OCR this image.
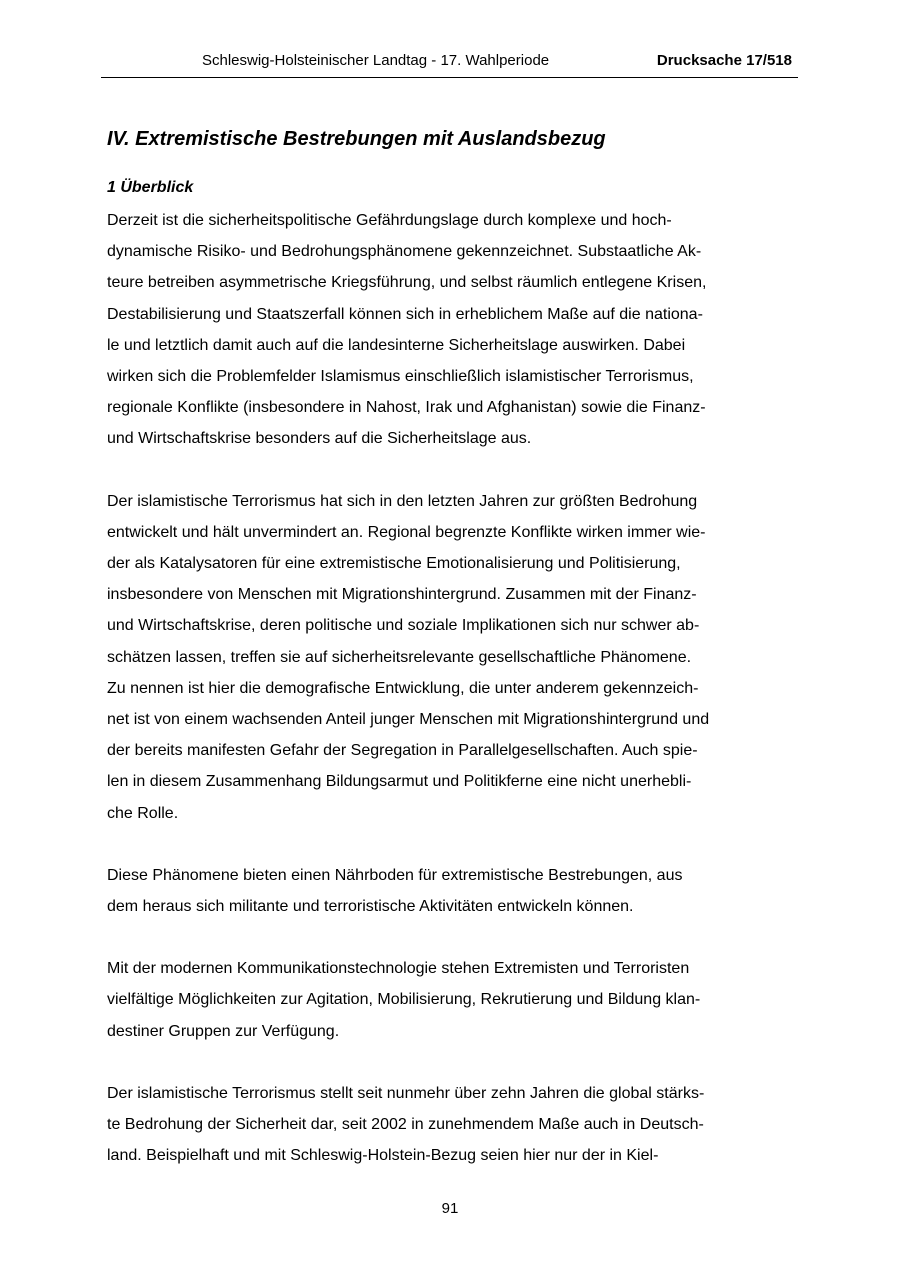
Schleswig-Holsteinischer Landtag - 17. Wahlperiode	Drucksache 17/518
IV. Extremistische Bestrebungen mit Auslandsbezug
1 Überblick

Derzeit ist die sicherheitspolitische Gefährdungslage durch komplexe und hoch-
dynamische Risiko- und Bedrohungsphänomene gekennzeichnet. Substaatliche Ak-
teure betreiben asymmetrische Kriegsführung, und selbst räumlich entlegene Krisen,
Destabilisierung und Staatszerfall können sich in erheblichem Maße auf die nationa-
le und letztlich damit auch auf die landesinterne Sicherheitslage auswirken. Dabei
wirken sich die Problemfelder Islamismus einschließlich islamistischer Terrorismus,
regionale Konflikte (insbesondere in Nahost, Irak und Afghanistan) sowie die Finanz-
und Wirtschaftskrise besonders auf die Sicherheitslage aus.

Der islamistische Terrorismus hat sich in den letzten Jahren zur größten Bedrohung
entwickelt und hält unvermindert an. Regional begrenzte Konflikte wirken immer wie-
der als Katalysatoren für eine extremistische Emotionalisierung und Politisierung,
insbesondere von Menschen mit Migrationshintergrund. Zusammen mit der Finanz-
und Wirtschaftskrise, deren politische und soziale Implikationen sich nur schwer ab-
schätzen lassen, treffen sie auf sicherheitsrelevante gesellschaftliche Phänomene.
Zu nennen ist hier die demografische Entwicklung, die unter anderem gekennzeich-
net ist von einem wachsenden Anteil junger Menschen mit Migrationshintergrund und
der bereits manifesten Gefahr der Segregation in Parallelgesellschaften. Auch spie-
len in diesem Zusammenhang Bildungsarmut und Politikferne eine nicht unerhebli-
che Rolle.

Diese Phänomene bieten einen Nährboden für extremistische Bestrebungen, aus
dem heraus sich militante und terroristische Aktivitäten entwickeln können.

Mit der modernen Kommunikationstechnologie stehen Extremisten und Terroristen
vielfältige Möglichkeiten zur Agitation, Mobilisierung, Rekrutierung und Bildung klan-
destiner Gruppen zur Verfügung.

Der islamistische Terrorismus stellt seit nunmehr über zehn Jahren die global stärks-
te Bedrohung der Sicherheit dar, seit 2002 in zunehmendem Maße auch in Deutsch-
land. Beispielhaft und mit Schleswig-Holstein-Bezug seien hier nur der in Kiel-

91
